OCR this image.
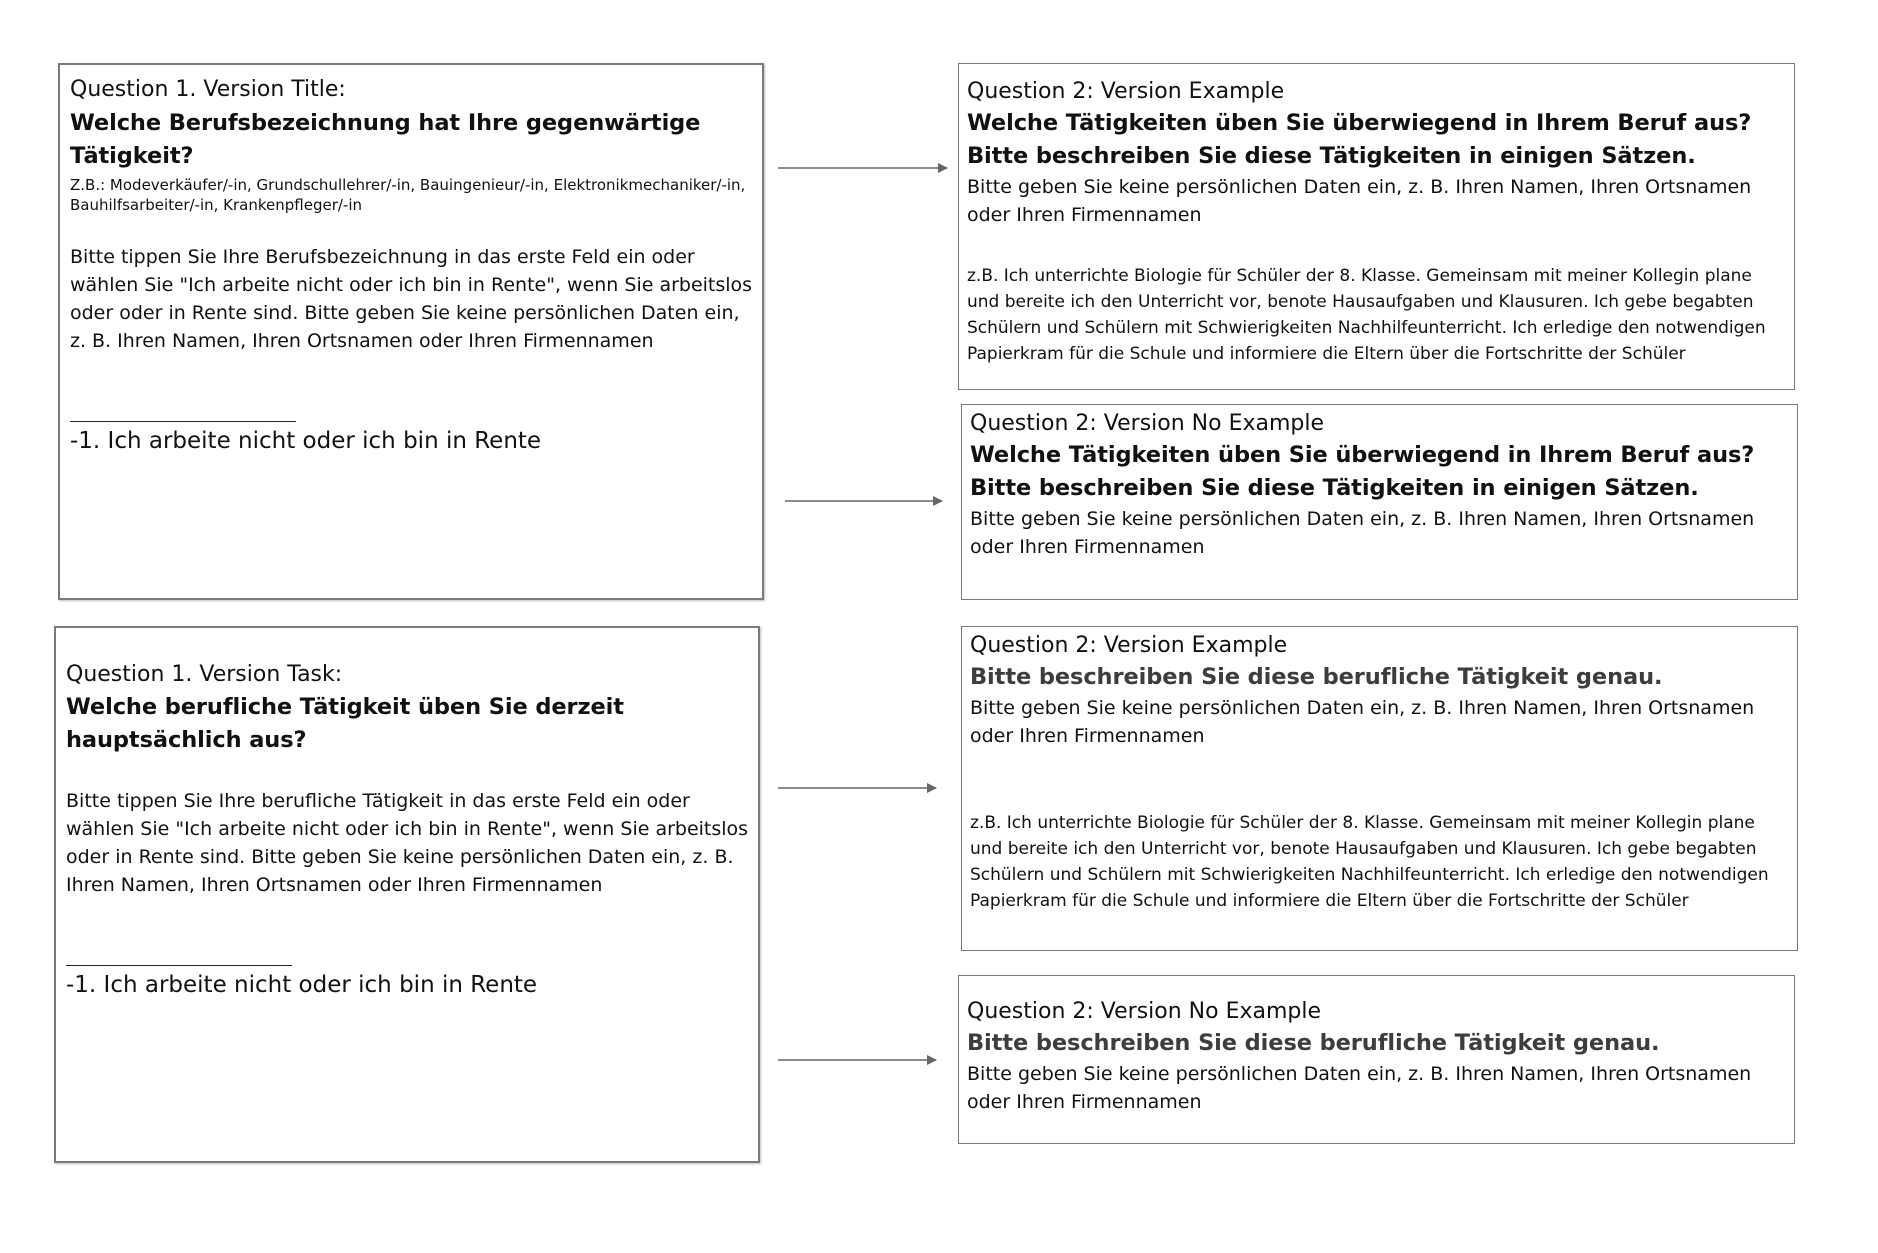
Question 1. Version Title:

Welche Berufsbezeichnung hat Ihre gegenwärtige Tätigkeit?

Z.B.: Modeverkäufer/-in, Grundschullehrer/-in, Bauingenieur/-in, Elektronikmechaniker/-in, Bauhilfsarbeiter/-in, Krankenpfleger/-in

Bitte tippen Sie Ihre Berufsbezeichnung in das erste Feld ein oder wählen Sie "Ich arbeite nicht oder ich bin in Rente", wenn Sie arbeitslos oder oder in Rente sind. Bitte geben Sie keine persönlichen Daten ein, z. B. Ihren Namen, Ihren Ortsnamen oder Ihren Firmennamen

-1. Ich arbeite nicht oder ich bin in Rente

Question 1. Version Task:

Welche berufliche Tätigkeit üben Sie derzeit hauptsächlich aus?

Bitte tippen Sie Ihre berufliche Tätigkeit in das erste Feld ein oder wählen Sie "Ich arbeite nicht oder ich bin in Rente", wenn Sie arbeitslos oder in Rente sind. Bitte geben Sie keine persönlichen Daten ein, z. B. Ihren Namen, Ihren Ortsnamen oder Ihren Firmennamen

-1. Ich arbeite nicht oder ich bin in Rente

Question 2: Version Example

Welche Tätigkeiten üben Sie überwiegend in Ihrem Beruf aus?

Bitte beschreiben Sie diese Tätigkeiten in einigen Sätzen.

Bitte geben Sie keine persönlichen Daten ein, z. B. Ihren Namen, Ihren Ortsnamen oder Ihren Firmennamen

z.B. Ich unterrichte Biologie für Schüler der 8. Klasse. Gemeinsam mit meiner Kollegin plane und bereite ich den Unterricht vor, benote Hausaufgaben und Klausuren. Ich gebe begabten Schülern und Schülern mit Schwierigkeiten Nachhilfeunterricht. Ich erledige den notwendigen Papierkram für die Schule und informiere die Eltern über die Fortschritte der Schüler

Question 2: Version No Example

Welche Tätigkeiten üben Sie überwiegend in Ihrem Beruf aus?

Bitte beschreiben Sie diese Tätigkeiten in einigen Sätzen.

Bitte geben Sie keine persönlichen Daten ein, z. B. Ihren Namen, Ihren Ortsnamen oder Ihren Firmennamen

Question 2: Version Example

Bitte beschreiben Sie diese berufliche Tätigkeit genau.

Bitte geben Sie keine persönlichen Daten ein, z. B. Ihren Namen, Ihren Ortsnamen oder Ihren Firmennamen

z.B. Ich unterrichte Biologie für Schüler der 8. Klasse. Gemeinsam mit meiner Kollegin plane und bereite ich den Unterricht vor, benote Hausaufgaben und Klausuren. Ich gebe begabten Schülern und Schülern mit Schwierigkeiten Nachhilfeunterricht. Ich erledige den notwendigen Papierkram für die Schule und informiere die Eltern über die Fortschritte der Schüler

Question 2: Version No Example

Bitte beschreiben Sie diese berufliche Tätigkeit genau.

Bitte geben Sie keine persönlichen Daten ein, z. B. Ihren Namen, Ihren Ortsnamen oder Ihren Firmennamen
